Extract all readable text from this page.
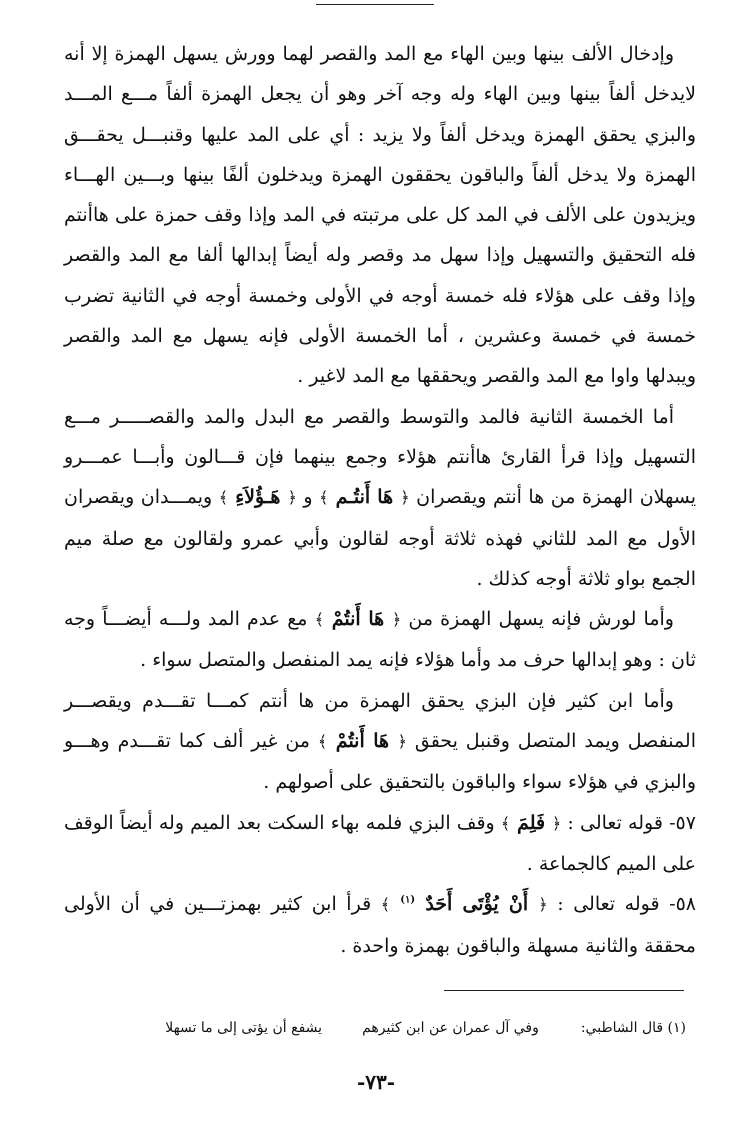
وإدخال الألف بينها وبين الهاء مع المد والقصر لهما وورش يسهل الهمزة إلا أنه لايدخل ألفاً بينها وبين الهاء وله وجه آخر وهو أن يجعل الهمزة ألفاً مـــع المـــد والبزي يحقق الهمزة ويدخل ألفاً ولا يزيد : أي على المد عليها وقنبـــل يحقـــق الهمزة ولا يدخل ألفاً والباقون يحققون الهمزة ويدخلون ألفًا بينها وبـــين الهـــاء ويزيدون على الألف في المد كل على مرتبته في المد وإذا وقف حمزة على هاأنتم فله التحقيق والتسهيل وإذا سهل مد وقصر وله أيضاً إبدالها ألفا مع المد والقصر وإذا وقف على هؤلاء فله خمسة أوجه في الأولى وخمسة أوجه في الثانية تضرب خمسة في خمسة وعشرين ، أما الخمسة الأولى فإنه يسهل مع المد والقصر ويبدلها واوا مع المد والقصر ويحققها مع المد لاغير .

أما الخمسة الثانية فالمد والتوسط والقصر مع البدل والمد والقصـــــر مـــع التسهيل وإذا قرأ القارئ هاأنتم هؤلاء وجمع بينهما فإن قـــالون وأبـــا عمـــرو يسهلان الهمزة من ها أنتم ويقصران ﴿ هَا أَنتُـم ﴾ و ﴿ هَـؤُلاَءِ ﴾ ويمـــدان ويقصران الأول مع المد للثاني فهذه ثلاثة أوجه لقالون وأبي عمرو ولقالون مع صلة ميم الجمع بواو ثلاثة أوجه كذلك .

وأما لورش فإنه يسهل الهمزة من ﴿ هَا أَنتُمْ ﴾ مع عدم المد ولـــه أيضـــاً وجه ثان : وهو إبدالها حرف مد وأما هؤلاء فإنه يمد المنفصل والمتصل سواء .

وأما ابن كثير فإن البزي يحقق الهمزة من ها أنتم كمـــا تقـــدم ويقصـــر المنفصل ويمد المتصل وقنبل يحقق ﴿ هَا أَنتُمْ ﴾ من غير ألف كما تقـــدم وهـــو والبزي في هؤلاء سواء والباقون بالتحقيق على أصولهم .

٥٧- قوله تعالى : ﴿ فَلِمَ ﴾ وقف البزي فلمه بهاء السكت بعد الميم وله أيضاً الوقف على الميم كالجماعة .

٥٨- قوله تعالى : ﴿ أَنْ يُؤْتَى أَحَدٌ $^{(١)}$ ﴾ قرأ ابن كثير بهمزتـــين في أن الأولى محققة والثانية مسهلة والباقون بهمزة واحدة .

(١) قال الشاطبي:
وفي آل عمران عن ابن كثيرهم
يشفع أن يؤتى إلى ما تسهلا
-٧٣-
